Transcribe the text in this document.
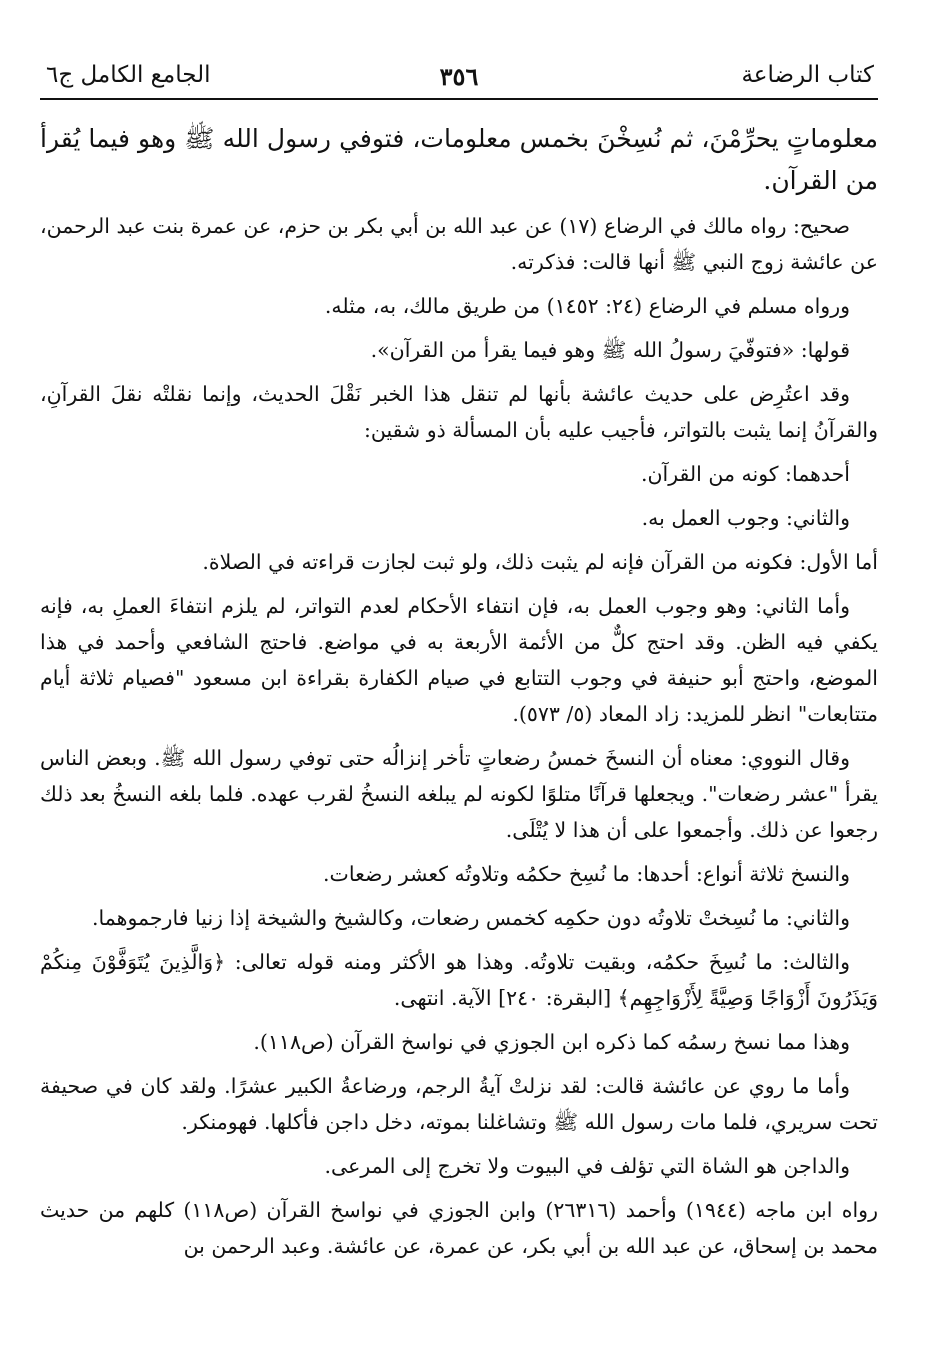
كتاب الرضاعة
٣٥٦
الجامع الكامل ج٦

معلوماتٍ يحرِّمْنَ، ثم نُسِخْنَ بخمس معلومات، فتوفي رسول الله ﷺ وهو فيما يُقرأ من القرآن.

صحيح: رواه مالك في الرضاع (١٧) عن عبد الله بن أبي بكر بن حزم، عن عمرة بنت عبد الرحمن، عن عائشة زوج النبي ﷺ أنها قالت: فذكرته.

ورواه مسلم في الرضاع (٢٤: ١٤٥٢) من طريق مالك، به، مثله.

قولها: «فتوفّيَ رسولُ الله ﷺ وهو فيما يقرأ من القرآن».

وقد اعتُرِض على حديث عائشة بأنها لم تنقل هذا الخبر نَقْلَ الحديث، وإنما نقلتْه نقلَ القرآنِ، والقرآنُ إنما يثبت بالتواتر، فأجيب عليه بأن المسألة ذو شقين:

أحدهما: كونه من القرآن.

والثاني: وجوب العمل به.

أما الأول: فكونه من القرآن فإنه لم يثبت ذلك، ولو ثبت لجازت قراءته في الصلاة.

وأما الثاني: وهو وجوب العمل به، فإن انتفاء الأحكام لعدم التواتر، لم يلزم انتفاءَ العملِ به، فإنه يكفي فيه الظن. وقد احتج كلٌّ من الأئمة الأربعة به في مواضع. فاحتج الشافعي وأحمد في هذا الموضع، واحتج أبو حنيفة في وجوب التتابع في صيام الكفارة بقراءة ابن مسعود "فصيام ثلاثة أيام متتابعات" انظر للمزيد: زاد المعاد (٥/ ٥٧٣).

وقال النووي: معناه أن النسخَ خمسُ رضعاتٍ تأخر إنزالُه حتى توفي رسول الله ﷺ. وبعض الناس يقرأ "عشر رضعات". ويجعلها قرآنًا متلوًا لكونه لم يبلغه النسخُ لقرب عهده. فلما بلغه النسخُ بعد ذلك رجعوا عن ذلك. وأجمعوا على أن هذا لا يُتْلَى.

والنسخ ثلاثة أنواع: أحدها: ما نُسِخ حكمُه وتلاوتُه كعشر رضعات.

والثاني: ما نُسِختْ تلاوتُه دون حكمِه كخمس رضعات، وكالشيخ والشيخة إذا زنيا فارجموهما.

والثالث: ما نُسِخَ حكمُه، وبقيت تلاوتُه. وهذا هو الأكثر ومنه قوله تعالى: ﴿وَالَّذِينَ يُتَوَفَّوْنَ مِنكُمْ وَيَذَرُونَ أَزْوَاجًا وَصِيَّةً لِأَزْوَاجِهِم﴾ [البقرة: ٢٤٠] الآية. انتهى.

وهذا مما نسخ رسمُه كما ذكره ابن الجوزي في نواسخ القرآن (ص١١٨).

وأما ما روي عن عائشة قالت: لقد نزلتْ آيةُ الرجم، ورضاعةُ الكبير عشرًا. ولقد كان في صحيفة تحت سريري، فلما مات رسول الله ﷺ وتشاغلنا بموته، دخل داجن فأكلها. فهومنكر.

والداجن هو الشاة التي تؤلف في البيوت ولا تخرج إلى المرعى.

رواه ابن ماجه (١٩٤٤) وأحمد (٢٦٣١٦) وابن الجوزي في نواسخ القرآن (ص١١٨) كلهم من حديث محمد بن إسحاق، عن عبد الله بن أبي بكر، عن عمرة، عن عائشة. وعبد الرحمن بن
